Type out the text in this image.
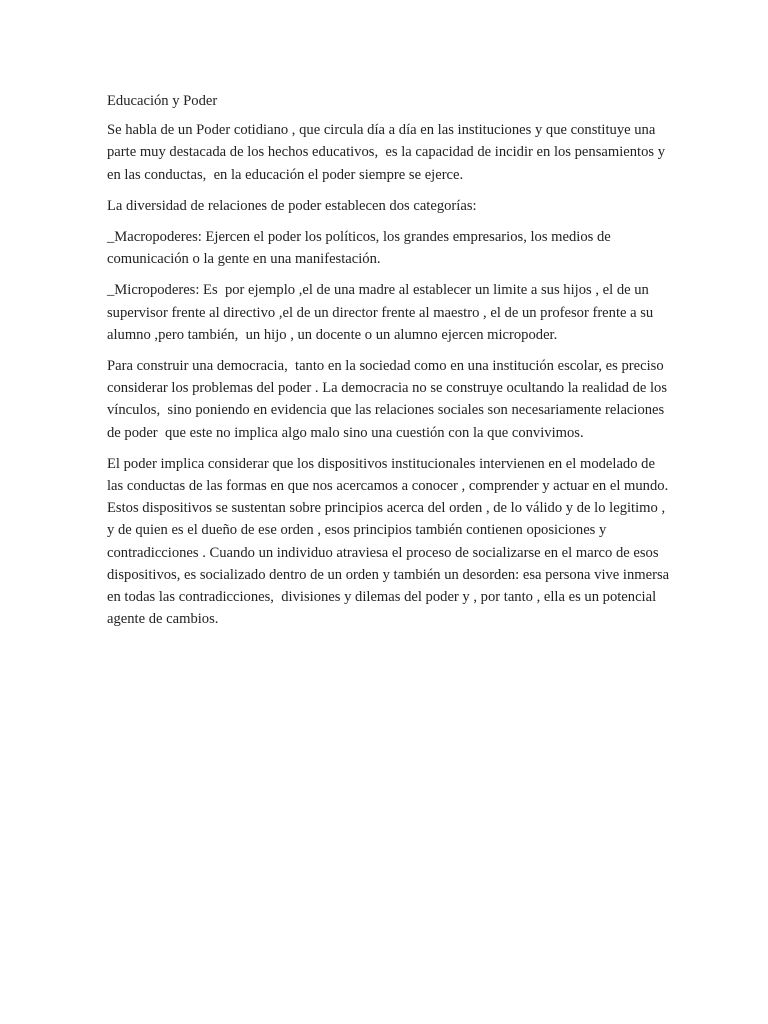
Educación y Poder

Se habla de un Poder cotidiano , que circula día a día en las instituciones y que constituye una parte muy destacada de los hechos educativos,  es la capacidad de incidir en los pensamientos y en las conductas,  en la educación el poder siempre se ejerce.

La diversidad de relaciones de poder establecen dos categorías:

_Macropoderes: Ejercen el poder los políticos, los grandes empresarios, los medios de comunicación o la gente en una manifestación.

_Micropoderes: Es  por ejemplo ,el de una madre al establecer un limite a sus hijos , el de un supervisor frente al directivo ,el de un director frente al maestro , el de un profesor frente a su alumno ,pero también,  un hijo , un docente o un alumno ejercen micropoder.

Para construir una democracia,  tanto en la sociedad como en una institución escolar, es preciso considerar los problemas del poder . La democracia no se construye ocultando la realidad de los vínculos,  sino poniendo en evidencia que las relaciones sociales son necesariamente relaciones de poder  que este no implica algo malo sino una cuestión con la que convivimos.

El poder implica considerar que los dispositivos institucionales intervienen en el modelado de las conductas de las formas en que nos acercamos a conocer , comprender y actuar en el mundo. Estos dispositivos se sustentan sobre principios acerca del orden , de lo válido y de lo legitimo , y de quien es el dueño de ese orden , esos principios también contienen oposiciones y contradicciones . Cuando un individuo atraviesa el proceso de socializarse en el marco de esos dispositivos, es socializado dentro de un orden y también un desorden: esa persona vive inmersa en todas las contradicciones,  divisiones y dilemas del poder y , por tanto , ella es un potencial agente de cambios.
